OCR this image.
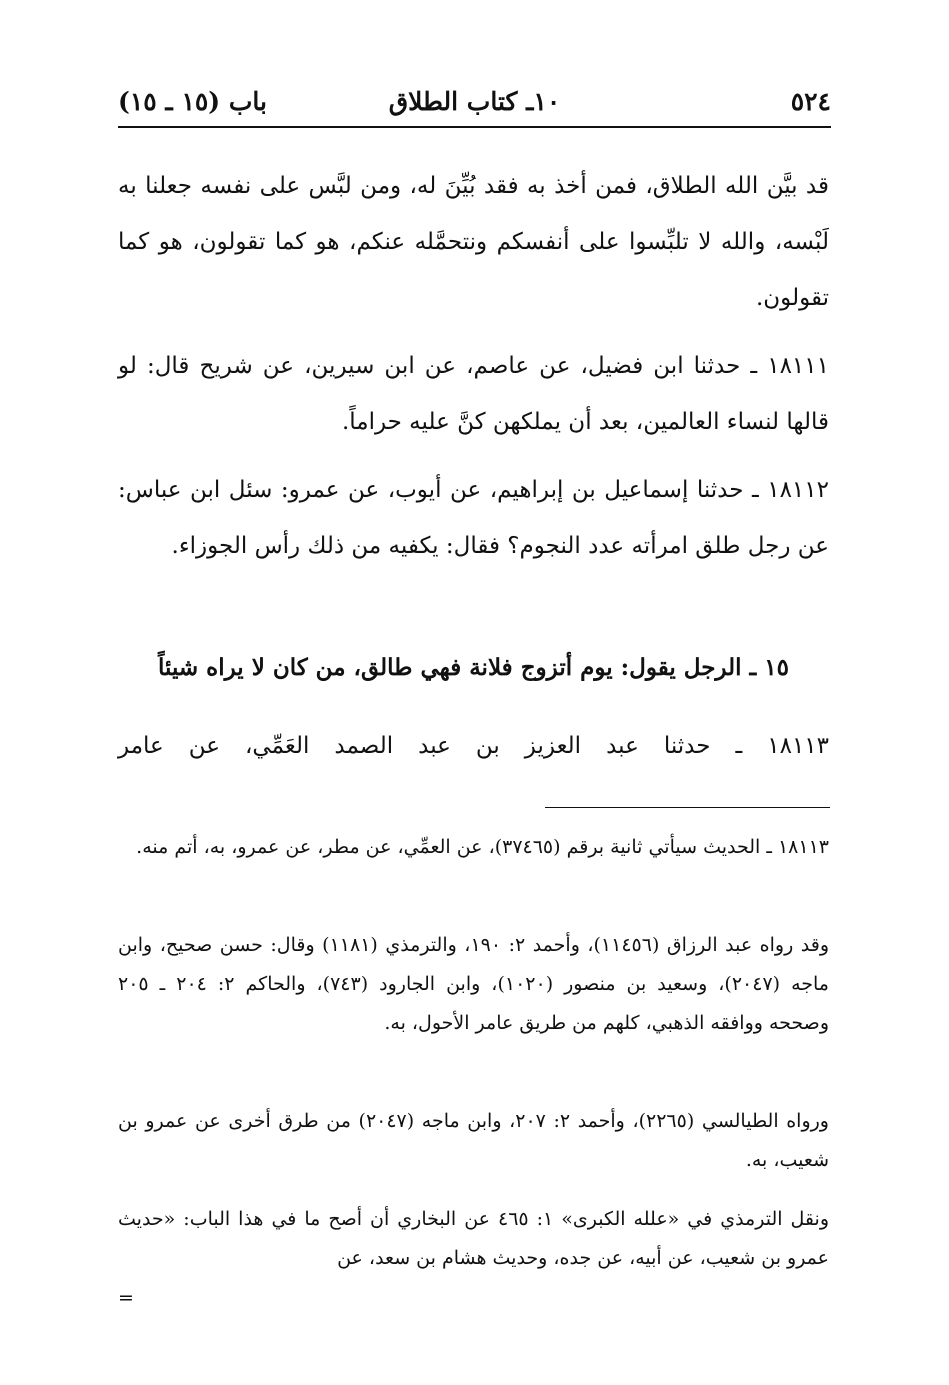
٥٢٤
١٠ـ كتاب الطلاق
باب (١٥ ـ ١٥)
قد بيَّن الله الطلاق، فمن أخذ به فقد بُيِّنَ له، ومن لبَّس على نفسه جعلنا به لَبْسه، والله لا تلبِّسوا على أنفسكم ونتحمَّله عنكم، هو كما تقولون، هو كما تقولون.
١٨١١١ ـ حدثنا ابن فضيل، عن عاصم، عن ابن سيرين، عن شريح قال: لو قالها لنساء العالمين، بعد أن يملكهن كنَّ عليه حراماً.
١٨١١٢ ـ حدثنا إسماعيل بن إبراهيم، عن أيوب، عن عمرو: سئل ابن عباس: عن رجل طلق امرأته عدد النجوم؟ فقال: يكفيه من ذلك رأس الجوزاء.
١٥ ـ الرجل يقول: يوم أتزوج فلانة فهي طالق، من كان لا يراه شيئاً
١٨١١٣ ـ حدثنا عبد العزيز بن عبد الصمد العَمِّي، عن عامر
١٨١١٣ ـ الحديث سيأتي ثانية برقم (٣٧٤٦٥)، عن العمِّي، عن مطر، عن عمرو، به، أتم منه.
وقد رواه عبد الرزاق (١١٤٥٦)، وأحمد ٢: ١٩٠، والترمذي (١١٨١) وقال: حسن صحيح، وابن ماجه (٢٠٤٧)، وسعيد بن منصور (١٠٢٠)، وابن الجارود (٧٤٣)، والحاكم ٢: ٢٠٤ ـ ٢٠٥ وصححه ووافقه الذهبي، كلهم من طريق عامر الأحول، به.
ورواه الطيالسي (٢٢٦٥)، وأحمد ٢: ٢٠٧، وابن ماجه (٢٠٤٧) من طرق أخرى عن عمرو بن شعيب، به.
ونقل الترمذي في «علله الكبرى» ١: ٤٦٥ عن البخاري أن أصح ما في هذا الباب: «حديث عمرو بن شعيب، عن أبيه، عن جده، وحديث هشام بن سعد، عن
=
